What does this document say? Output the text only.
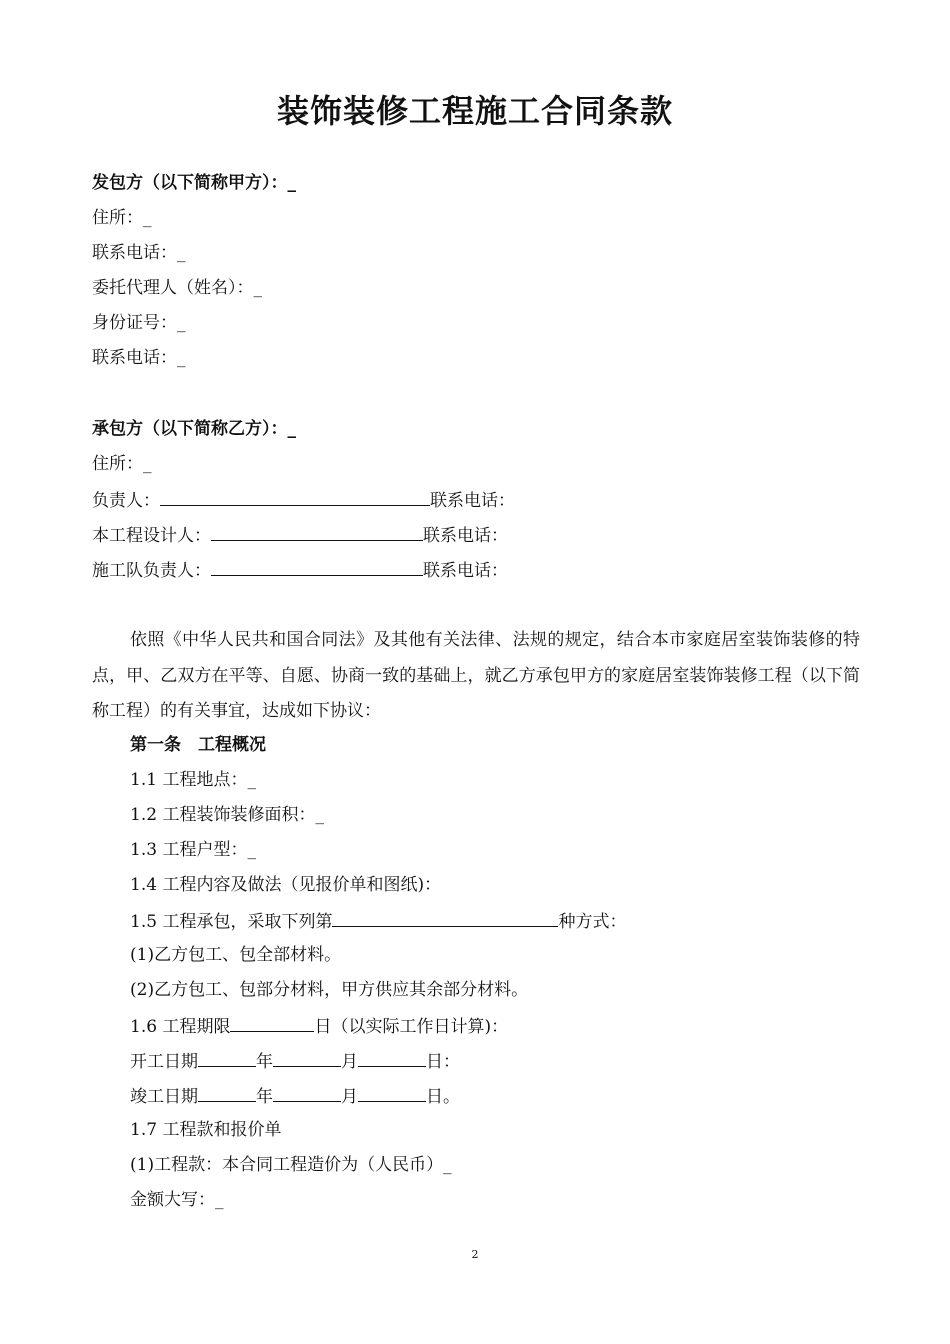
装饰装修工程施工合同条款
发包方（以下简称甲方）：_
住所：_
联系电话：_
委托代理人（姓名）：_
身份证号：_
联系电话：_
承包方（以下简称乙方）：_
住所：_
负责人：	联系电话：
本工程设计人：	联系电话：
施工队负责人：	联系电话：
依照《中华人民共和国合同法》及其他有关法律、法规的规定，结合本市家庭居室装饰装修的特点，甲、乙双方在平等、自愿、协商一致的基础上，就乙方承包甲方的家庭居室装饰装修工程（以下简称工程）的有关事宜，达成如下协议：
第一条　工程概况
1.1 工程地点：_
1.2 工程装饰装修面积：_
1.3 工程户型：_
1.4 工程内容及做法（见报价单和图纸)：
1.5 工程承包，采取下列第	种方式：
(1)乙方包工、包全部材料。
(2)乙方包工、包部分材料，甲方供应其余部分材料。
1.6 工程期限	日（以实际工作日计算)：
开工日期	年	月	日：
竣工日期	年	月	日。
1.7 工程款和报价单
(1)工程款：本合同工程造价为（人民币）_
金额大写：_
2
